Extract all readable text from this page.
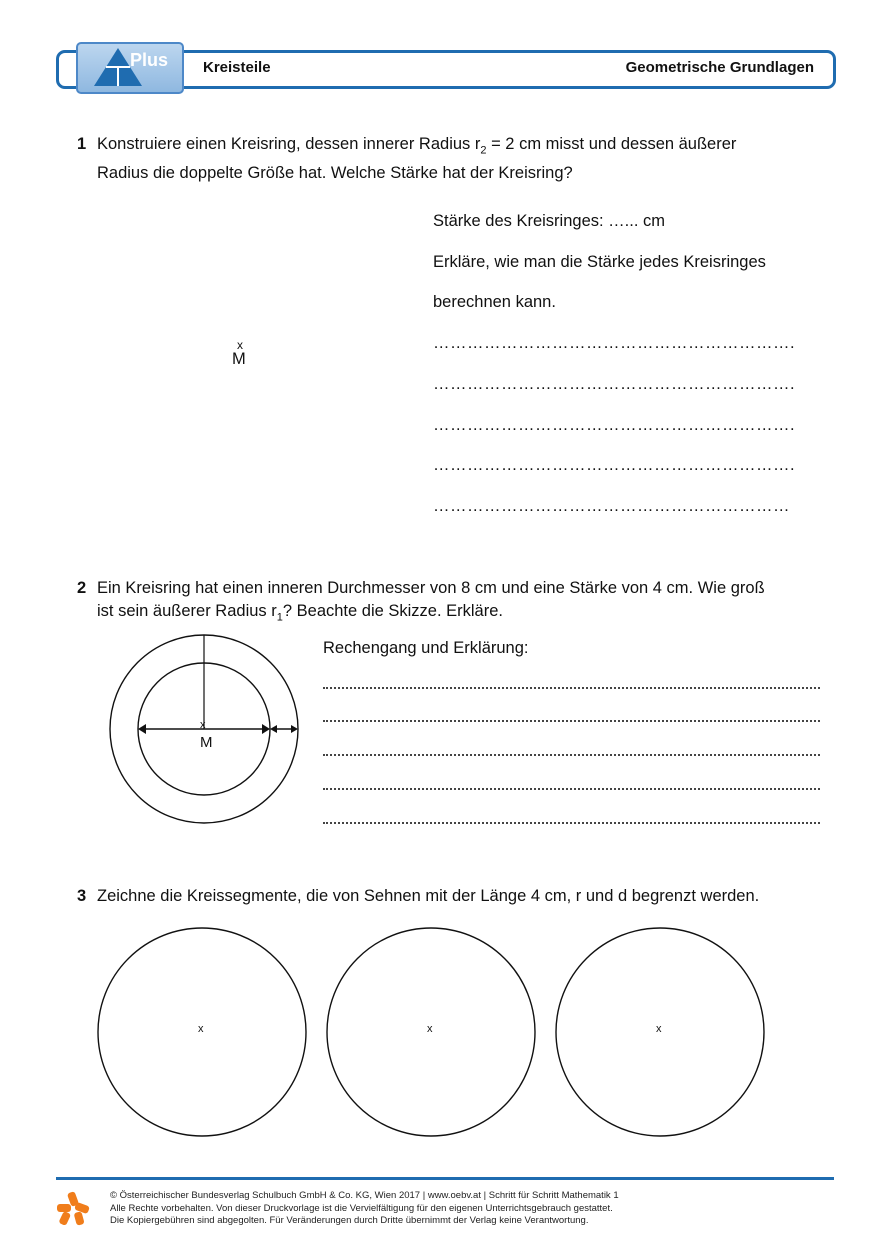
Plus Kreisteile	Geometrische Grundlagen
1 Konstruiere einen Kreisring, dessen innerer Radius $r_2 = 2$ cm misst und dessen äußerer
Radius die doppelte Größe hat. Welche Stärke hat der Kreisring?
x
M
Stärke des Kreisringes: …... cm
Erkläre, wie man die Stärke jedes Kreisringes
berechnen kann.
……………………………………………………….
……………………………………………………….
……………………………………………………….
……………………………………………………….
………………………………………………………
2 Ein Kreisring hat einen inneren Durchmesser von 8 cm und eine Stärke von 4 cm. Wie groß
ist sein äußerer Radius $r_1$? Beachte die Skizze. Erkläre.
x
M
Rechengang und Erklärung:
3 Zeichne die Kreissegmente, die von Sehnen mit der Länge 4 cm, r und d begrenzt werden.
x	x	x
© Österreichischer Bundesverlag Schulbuch GmbH & Co. KG, Wien 2017 | www.oebv.at | Schritt für Schritt Mathematik 1
Alle Rechte vorbehalten. Von dieser Druckvorlage ist die Vervielfältigung für den eigenen Unterrichtsgebrauch gestattet.
Die Kopiergebühren sind abgegolten. Für Veränderungen durch Dritte übernimmt der Verlag keine Verantwortung.
